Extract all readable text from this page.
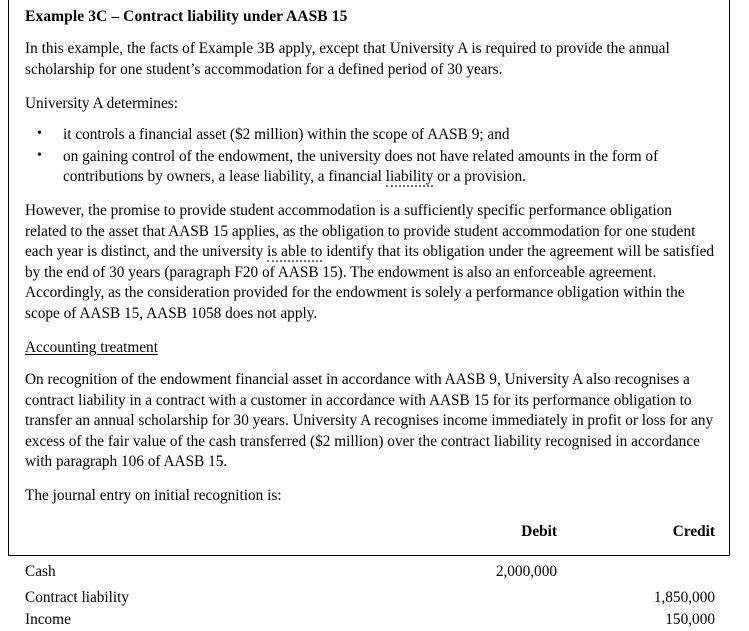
Example 3C – Contract liability under AASB 15

In this example, the facts of Example 3B apply, except that University A is required to provide the annual scholarship for one student’s accommodation for a defined period of 30 years.

University A determines:

• it controls a financial asset ($2 million) within the scope of AASB 9; and
• on gaining control of the endowment, the university does not have related amounts in the form of contributions by owners, a lease liability, a financial liability or a provision.

However, the promise to provide student accommodation is a sufficiently specific performance obligation related to the asset that AASB 15 applies, as the obligation to provide student accommodation for one student each year is distinct, and the university is able to identify that its obligation under the agreement will be satisfied by the end of 30 years (paragraph F20 of AASB 15). The endowment is also an enforceable agreement. Accordingly, as the consideration provided for the endowment is solely a performance obligation within the scope of AASB 15, AASB 1058 does not apply.

Accounting treatment

On recognition of the endowment financial asset in accordance with AASB 9, University A also recognises a contract liability in a contract with a customer in accordance with AASB 15 for its performance obligation to transfer an annual scholarship for 30 years. University A recognises income immediately in profit or loss for any excess of the fair value of the cash transferred ($2 million) over the contract liability recognised in accordance with paragraph 106 of AASB 15.

The journal entry on initial recognition is:

	Debit	Credit
Cash	2,000,000	
Contract liability		1,850,000
Income		150,000
